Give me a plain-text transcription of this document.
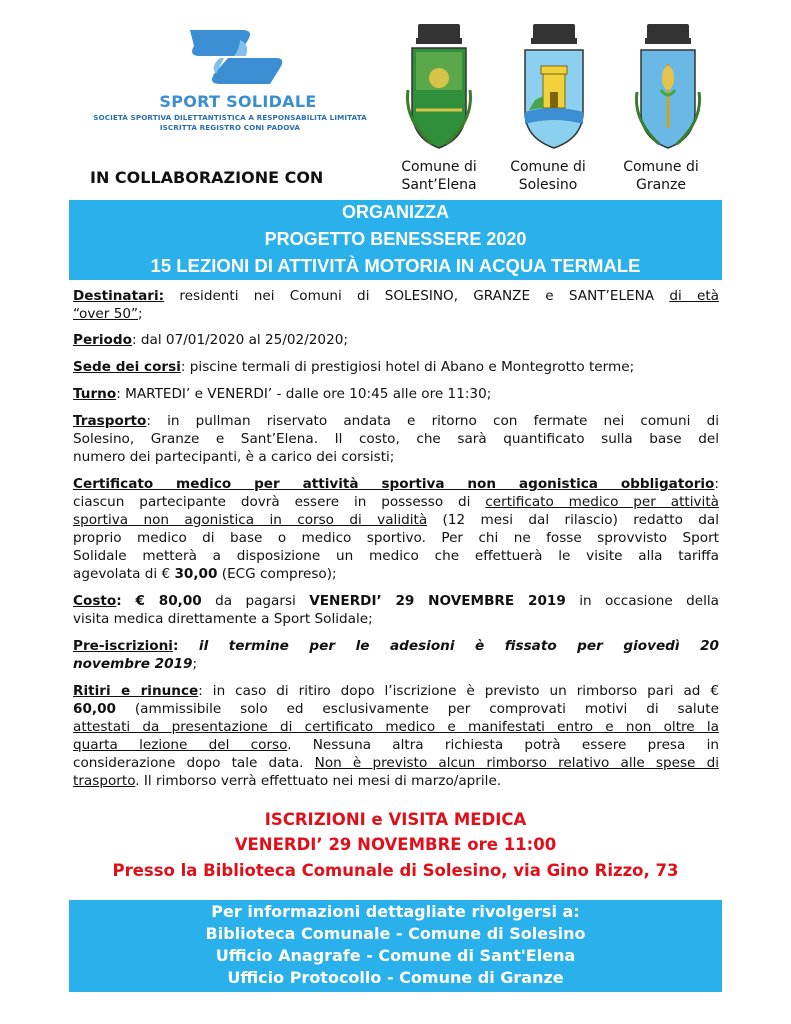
SPORT SOLIDALE
SOCIETÀ SPORTIVA DILETTANTISTICA A RESPONSABILITÀ LIMITATA
ISCRITTA REGISTRO CONI PADOVA
IN COLLABORAZIONE CON
Comune di
Sant’Elena
Comune di
Solesino
Comune di
Granze
ORGANIZZA
PROGETTO BENESSERE 2020
15 LEZIONI DI ATTIVITÀ MOTORIA IN ACQUA TERMALE
Destinatari: residenti nei Comuni di SOLESINO, GRANZE e SANT’ELENA di età
“over 50”;
Periodo: dal 07/01/2020 al 25/02/2020;
Sede dei corsi: piscine termali di prestigiosi hotel di Abano e Montegrotto terme;
Turno: MARTEDI’ e VENERDI’ - dalle ore 10:45 alle ore 11:30;
Trasporto: in pullman riservato andata e ritorno con fermate nei comuni di
Solesino, Granze e Sant’Elena. Il costo, che sarà quantificato sulla base del
numero dei partecipanti, è a carico dei corsisti;
Certificato medico per attività sportiva non agonistica obbligatorio:
ciascun partecipante dovrà essere in possesso di certificato medico per attività
sportiva non agonistica in corso di validità (12 mesi dal rilascio) redatto dal
proprio medico di base o medico sportivo. Per chi ne fosse sprovvisto Sport
Solidale metterà a disposizione un medico che effettuerà le visite alla tariffa
agevolata di € 30,00 (ECG compreso);
Costo: € 80,00 da pagarsi VENERDI’ 29 NOVEMBRE 2019 in occasione della
visita medica direttamente a Sport Solidale;
Pre-iscrizioni: il termine per le adesioni è fissato per giovedì 20
novembre 2019;
Ritiri e rinunce: in caso di ritiro dopo l’iscrizione è previsto un rimborso pari ad €
60,00 (ammissibile solo ed esclusivamente per comprovati motivi di salute
attestati da presentazione di certificato medico e manifestati entro e non oltre la
quarta lezione del corso. Nessuna altra richiesta potrà essere presa in
considerazione dopo tale data. Non è previsto alcun rimborso relativo alle spese di
trasporto. Il rimborso verrà effettuato nei mesi di marzo/aprile.
ISCRIZIONI e VISITA MEDICA
VENERDI’ 29 NOVEMBRE ore 11:00
Presso la Biblioteca Comunale di Solesino, via Gino Rizzo, 73
Per informazioni dettagliate rivolgersi a:
Biblioteca Comunale - Comune di Solesino
Ufficio Anagrafe - Comune di Sant'Elena
Ufficio Protocollo - Comune di Granze
